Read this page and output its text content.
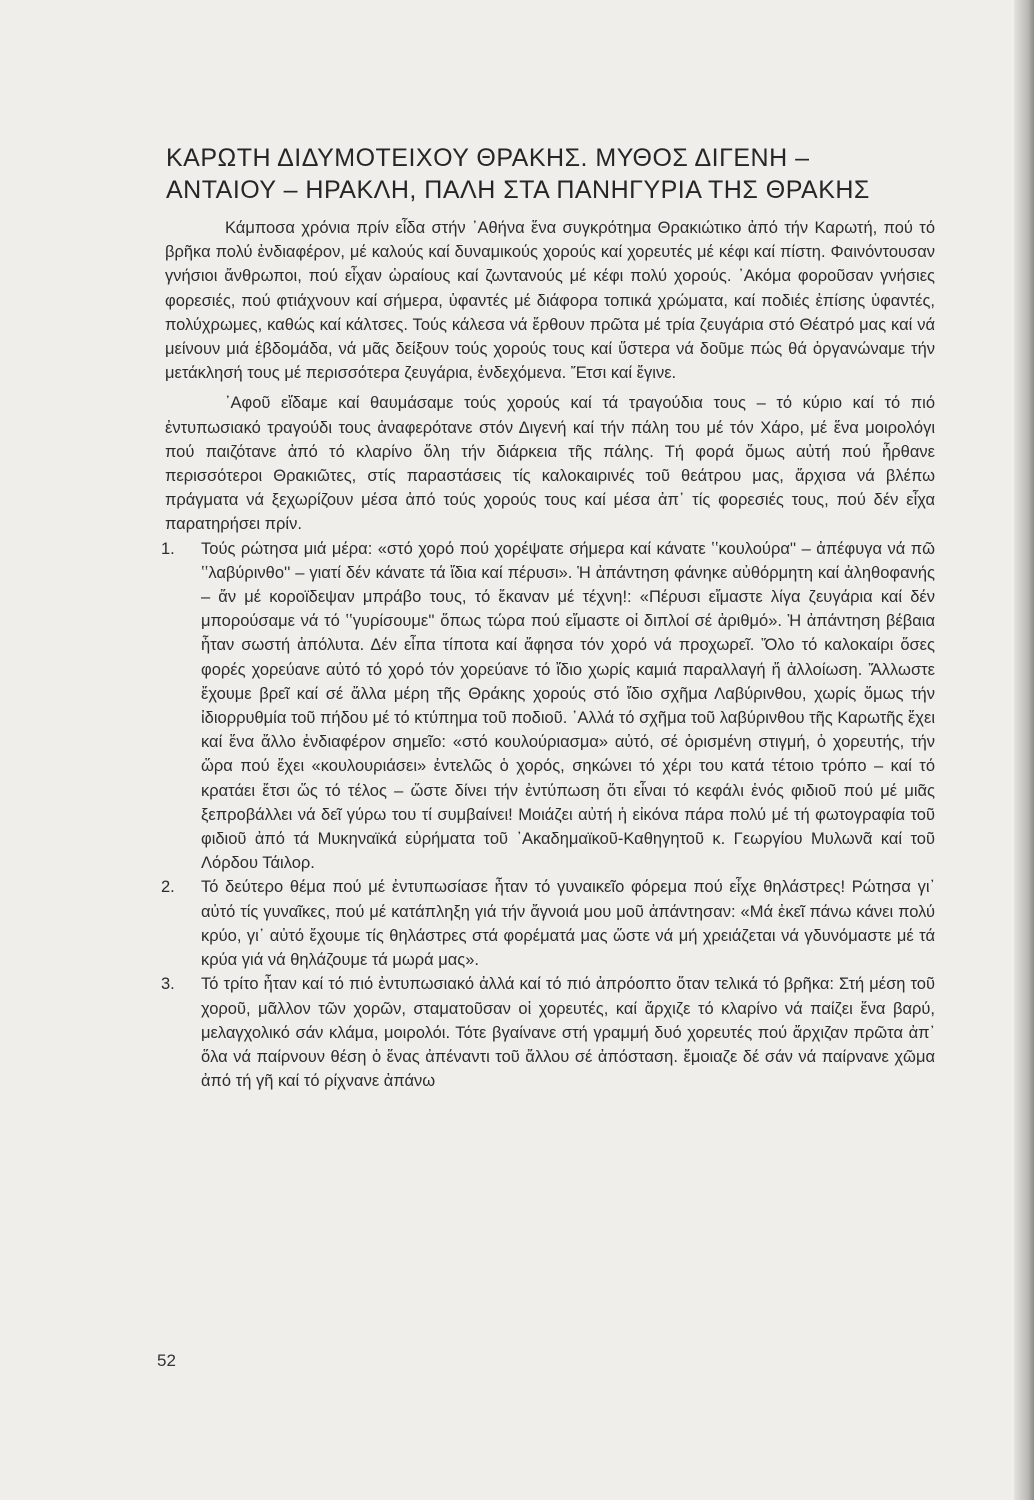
ΚΑΡΩΤΗ ΔΙΔΥΜΟΤΕΙΧΟΥ ΘΡΑΚΗΣ. ΜΥΘΟΣ ΔΙΓΕΝΗ –
ΑΝΤΑΙΟΥ – ΗΡΑΚΛΗ, ΠΑΛΗ ΣΤΑ ΠΑΝΗΓΥΡΙΑ ΤΗΣ ΘΡΑΚΗΣ

Κάμποσα χρόνια πρίν εἶδα στήν ᾿Αθήνα ἕνα συγκρότημα Θρακιώτικο ἀπό τήν Καρωτή, πού τό βρῆκα πολύ ἐνδιαφέρον, μέ καλούς καί δυναμικούς χορούς καί χορευτές μέ κέφι καί πίστη. Φαινόντουσαν γνήσιοι ἄνθρωποι, πού εἶχαν ὡραίους καί ζωντανούς μέ κέφι πολύ χορούς. ᾿Ακόμα φοροῦσαν γνήσιες φορεσιές, πού φτιάχνουν καί σήμερα, ὑφαντές μέ διάφορα τοπικά χρώματα, καί ποδιές ἐπίσης ὑφαντές, πολύχρωμες, καθώς καί κάλτσες. Τούς κάλεσα νά ἔρθουν πρῶτα μέ τρία ζευγάρια στό Θέατρό μας καί νά μείνουν μιά ἑβδομάδα, νά μᾶς δείξουν τούς χορούς τους καί ὕστερα νά δοῦμε πώς θά ὀργανώναμε τήν μετάκλησή τους μέ περισσότερα ζευγάρια, ἐνδεχόμενα. Ἔτσι καί ἔγινε.

᾿Αφοῦ εἴδαμε καί θαυμάσαμε τούς χορούς καί τά τραγούδια τους – τό κύριο καί τό πιό ἐντυπωσιακό τραγούδι τους ἀναφερότανε στόν Διγενή καί τήν πάλη του μέ τόν Χάρο, μέ ἕνα μοιρολόγι πού παιζότανε ἀπό τό κλαρίνο ὅλη τήν διάρκεια τῆς πάλης. Τή φορά ὅμως αὐτή πού ἦρθανε περισσότεροι Θρακιῶτες, στίς παραστάσεις τίς καλοκαιρινές τοῦ θεάτρου μας, ἄρχισα νά βλέπω πράγματα νά ξεχωρίζουν μέσα ἀπό τούς χορούς τους καί μέσα ἀπ᾿ τίς φορεσιές τους, πού δέν εἶχα παρατηρήσει πρίν.

1. Τούς ρώτησα μιά μέρα: «στό χορό πού χορέψατε σήμερα καί κάνατε ʽʽκουλούρα'' – ἀπέφυγα νά πῶ ʽʽλαβύρινθο'' – γιατί δέν κάνατε τά ἴδια καί πέρυσι». Ἡ ἀπάντηση φάνηκε αὐθόρμητη καί ἀληθοφανής – ἄν μέ κοροϊδεψαν μπράβο τους, τό ἔκαναν μέ τέχνη!: «Πέρυσι εἴμαστε λίγα ζευγάρια καί δέν μπορούσαμε νά τό ʽʽγυρίσουμε'' ὅπως τώρα πού εἴμαστε οἱ διπλοί σέ ἀριθμό». Ἡ ἀπάντηση βέβαια ἦταν σωστή ἀπόλυτα. Δέν εἶπα τίποτα καί ἄφησα τόν χορό νά προχωρεῖ. Ὅλο τό καλοκαίρι ὅσες φορές χορεύανε αὐτό τό χορό τόν χορεύανε τό ἴδιο χωρίς καμιά παραλλαγή ἤ ἀλλοίωση. Ἄλλωστε ἔχουμε βρεῖ καί σέ ἄλλα μέρη τῆς Θράκης χορούς στό ἴδιο σχῆμα Λαβύρινθου, χωρίς ὅμως τήν ἰδιορρυθμία τοῦ πήδου μέ τό κτύπημα τοῦ ποδιοῦ. ᾿Αλλά τό σχῆμα τοῦ λαβύρινθου τῆς Καρωτῆς ἔχει καί ἕνα ἄλλο ἐνδιαφέρον σημεῖο: «στό κουλούριασμα» αὐτό, σέ ὁρισμένη στιγμή, ὁ χορευτής, τήν ὥρα πού ἔχει «κουλουριάσει» ἐντελῶς ὁ χορός, σηκώνει τό χέρι του κατά τέτοιο τρόπο – καί τό κρατάει ἔτσι ὥς τό τέλος – ὥστε δίνει τήν ἐντύπωση ὅτι εἶναι τό κεφάλι ἑνός φιδιοῦ πού μέ μιᾶς ξεπροβάλλει νά δεῖ γύρω του τί συμβαίνει! Μοιάζει αὐτή ἡ εἰκόνα πάρα πολύ μέ τή φωτογραφία τοῦ φιδιοῦ ἀπό τά Μυκηναϊκά εὑρήματα τοῦ ᾿Ακαδημαϊκοῦ-Καθηγητοῦ κ. Γεωργίου Μυλωνᾶ καί τοῦ Λόρδου Τάιλορ.
2. Τό δεύτερο θέμα πού μέ ἐντυπωσίασε ἦταν τό γυναικεῖο φόρεμα πού εἶχε θηλάστρες! Ρώτησα γι᾿ αὐτό τίς γυναῖκες, πού μέ κατάπληξη γιά τήν ἄγνοιά μου μοῦ ἀπάντησαν: «Μά ἐκεῖ πάνω κάνει πολύ κρύο, γι᾿ αὐτό ἔχουμε τίς θηλάστρες στά φορέματά μας ὥστε νά μή χρειάζεται νά γδυνόμαστε μέ τά κρύα γιά νά θηλάζουμε τά μωρά μας».
3. Τό τρίτο ἦταν καί τό πιό ἐντυπωσιακό ἀλλά καί τό πιό ἀπρόοπτο ὅταν τελικά τό βρῆκα: Στή μέση τοῦ χοροῦ, μᾶλλον τῶν χορῶν, σταματοῦσαν οἱ χορευτές, καί ἄρχιζε τό κλαρίνο νά παίζει ἕνα βαρύ, μελαγχολικό σάν κλάμα, μοιρολόι. Τότε βγαίνανε στή γραμμή δυό χορευτές πού ἄρχιζαν πρῶτα ἀπ᾿ ὅλα νά παίρνουν θέση ὁ ἕνας ἀπέναντι τοῦ ἄλλου σέ ἀπόσταση. ἔμοιαζε δέ σάν νά παίρνανε χῶμα ἀπό τή γῆ καί τό ρίχνανε ἀπάνω
52
